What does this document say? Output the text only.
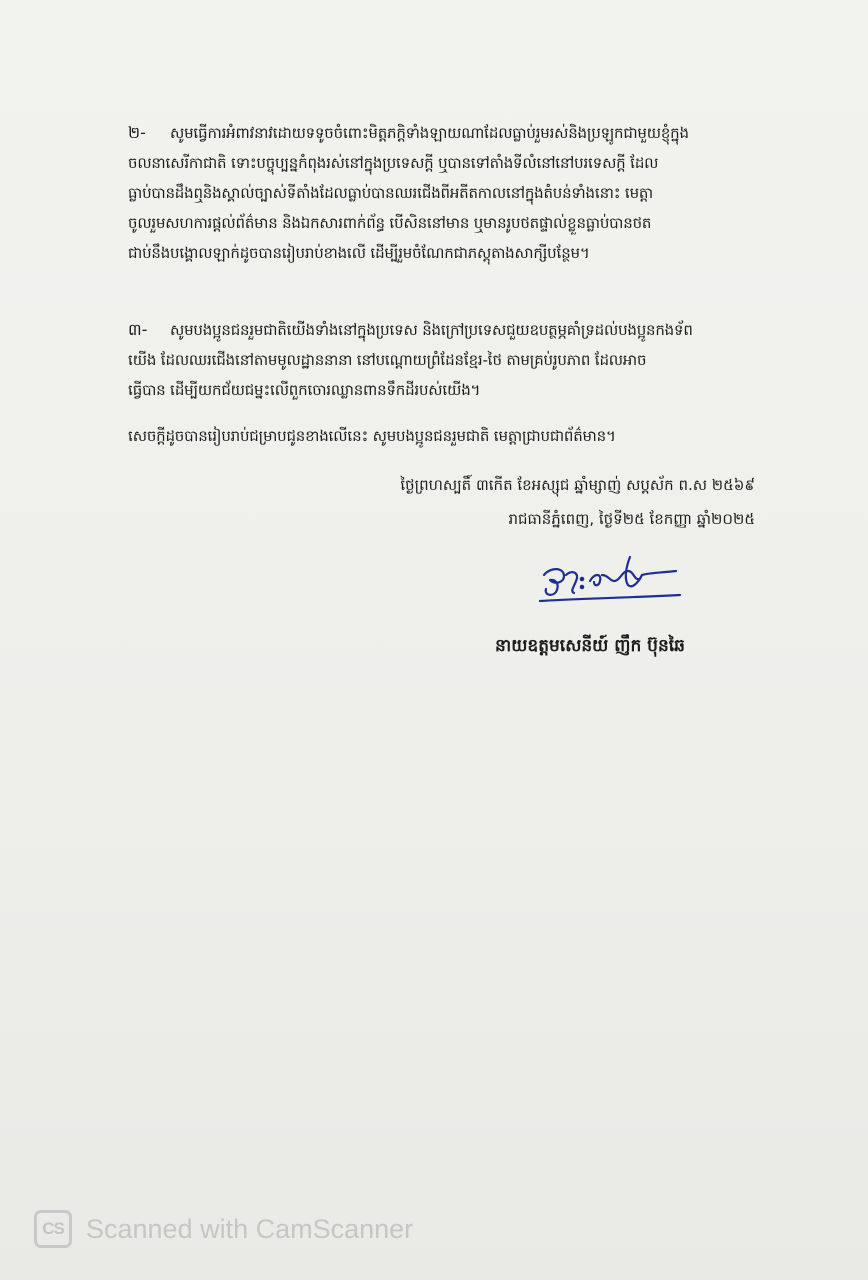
២-	សូមធ្វើការអំពាវនាវដោយទទូចចំពោះមិត្តភក្តិទាំងឡាយណាដែលធ្លាប់រួមរស់និងប្រឡូកជាមួយខ្ញុំក្នុង
ចលនាសេរីកាជាតិ ទោះបច្ចុប្បន្នកំពុងរស់នៅក្នុងប្រទេសក្តី ឬបានទៅតាំងទីលំនៅនៅបរទេសក្តី ដែល
ធ្លាប់បានដឹងឮនិងស្គាល់ច្បាស់ទីតាំងដែលធ្លាប់បានឈរជើងពីអតីតកាលនៅក្នុងតំបន់ទាំងនោះ មេត្តា
ចូលរួមសហការផ្តល់ព័ត៌មាន និងឯកសារពាក់ព័ន្ធ បើសិននៅមាន ឬមានរូបថតផ្ទាល់ខ្លួនធ្លាប់បានថត
ជាប់នឹងបង្គោលឡាក់ដូចបានរៀបរាប់ខាងលើ ដើម្បីរួមចំណែកជាភស្តុតាងសាក្សីបន្ថែម។
៣-	សូមបងប្អូនជនរួមជាតិយើងទាំងនៅក្នុងប្រទេស និងក្រៅប្រទេសជួយឧបត្ថម្ភគាំទ្រដល់បងប្អូនកងទ័ព
យើង ដែលឈរជើងនៅតាមមូលដ្ឋាននានា នៅបណ្តោយព្រំដែនខ្មែរ-ថៃ តាមគ្រប់រូបភាព ដែលអាច
ធ្វើបាន ដើម្បីយកជ័យជម្នះលើពួកចោរឈ្លានពានទឹកដីរបស់យើង។
សេចក្តីដូចបានរៀបរាប់ជម្រាបជូនខាងលើនេះ សូមបងប្អូនជនរួមជាតិ មេត្តាជ្រាបជាព័ត៌មាន។
ថ្ងៃព្រហស្បតិ៍ ៣កើត ខែអស្សុជ ឆ្នាំម្សាញ់ សប្តស័ក ព.ស ២៥៦៩
រាជធានីភ្នំពេញ, ថ្ងៃទី២៥ ខែកញ្ញា ឆ្នាំ២០២៥
នាយឧត្តមសេនីយ៍ ញឹក ប៊ុនឆៃ
CS Scanned with CamScanner
